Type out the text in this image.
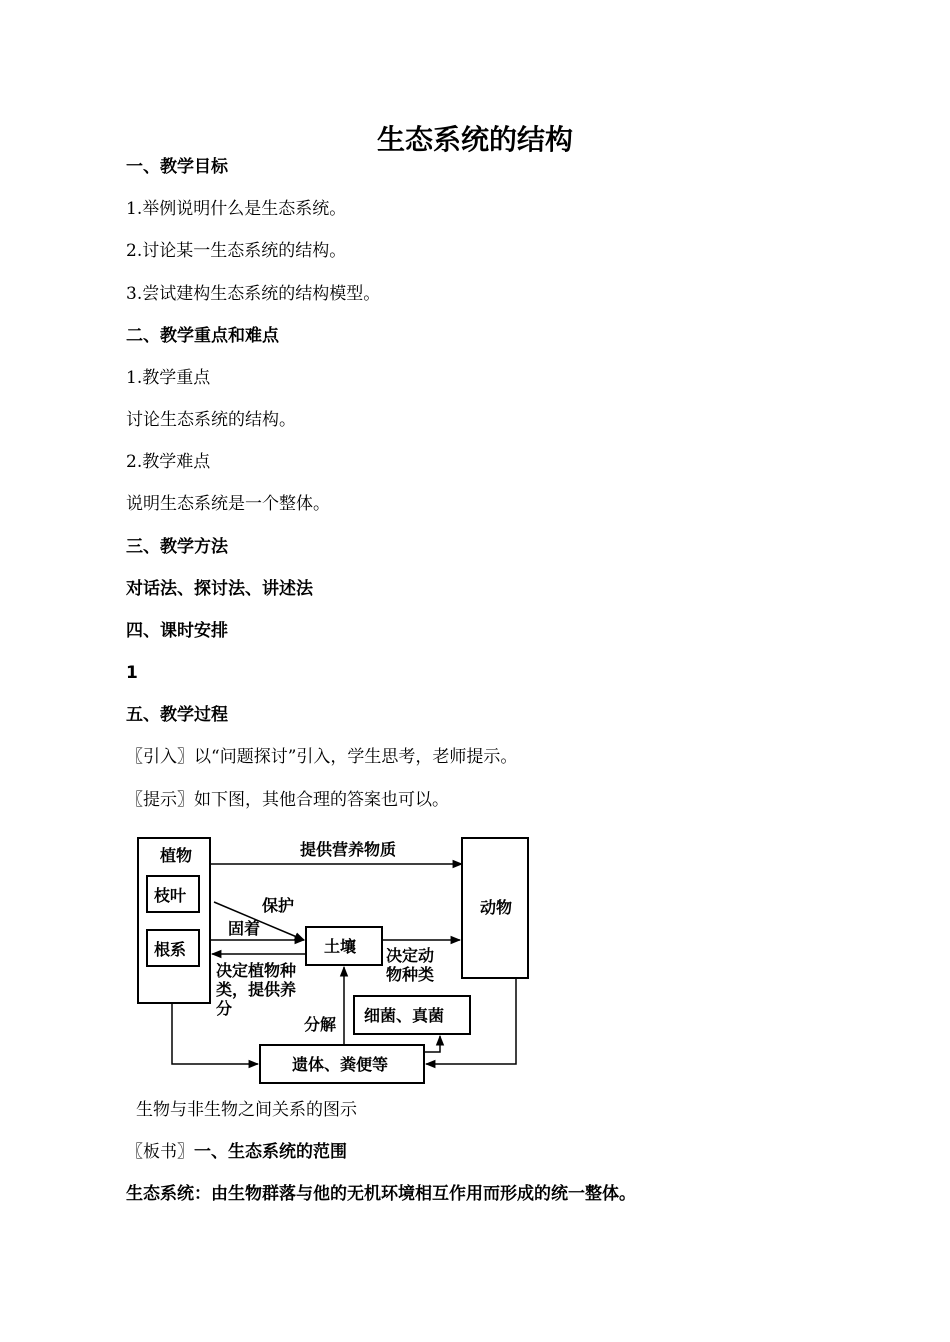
生态系统的结构
一、教学目标
1.举例说明什么是生态系统。
2.讨论某一生态系统的结构。
3.尝试建构生态系统的结构模型。
二、教学重点和难点
1.教学重点
讨论生态系统的结构。
2.教学难点
说明生态系统是一个整体。
三、教学方法
对话法、探讨法、讲述法
四、课时安排
1
五、教学过程
〖引入〗以“问题探讨”引入，学生思考，老师提示。
〖提示〗如下图，其他合理的答案也可以。
植物
枝叶
根系
动物
土壤
细菌、真菌
遗体、粪便等
提供营养物质
保护
固着
决定植物种
类，提供养
分
决定动
物种类
分解
生物与非生物之间关系的图示
〖板书〗一、生态系统的范围
生态系统：由生物群落与他的无机环境相互作用而形成的统一整体。
